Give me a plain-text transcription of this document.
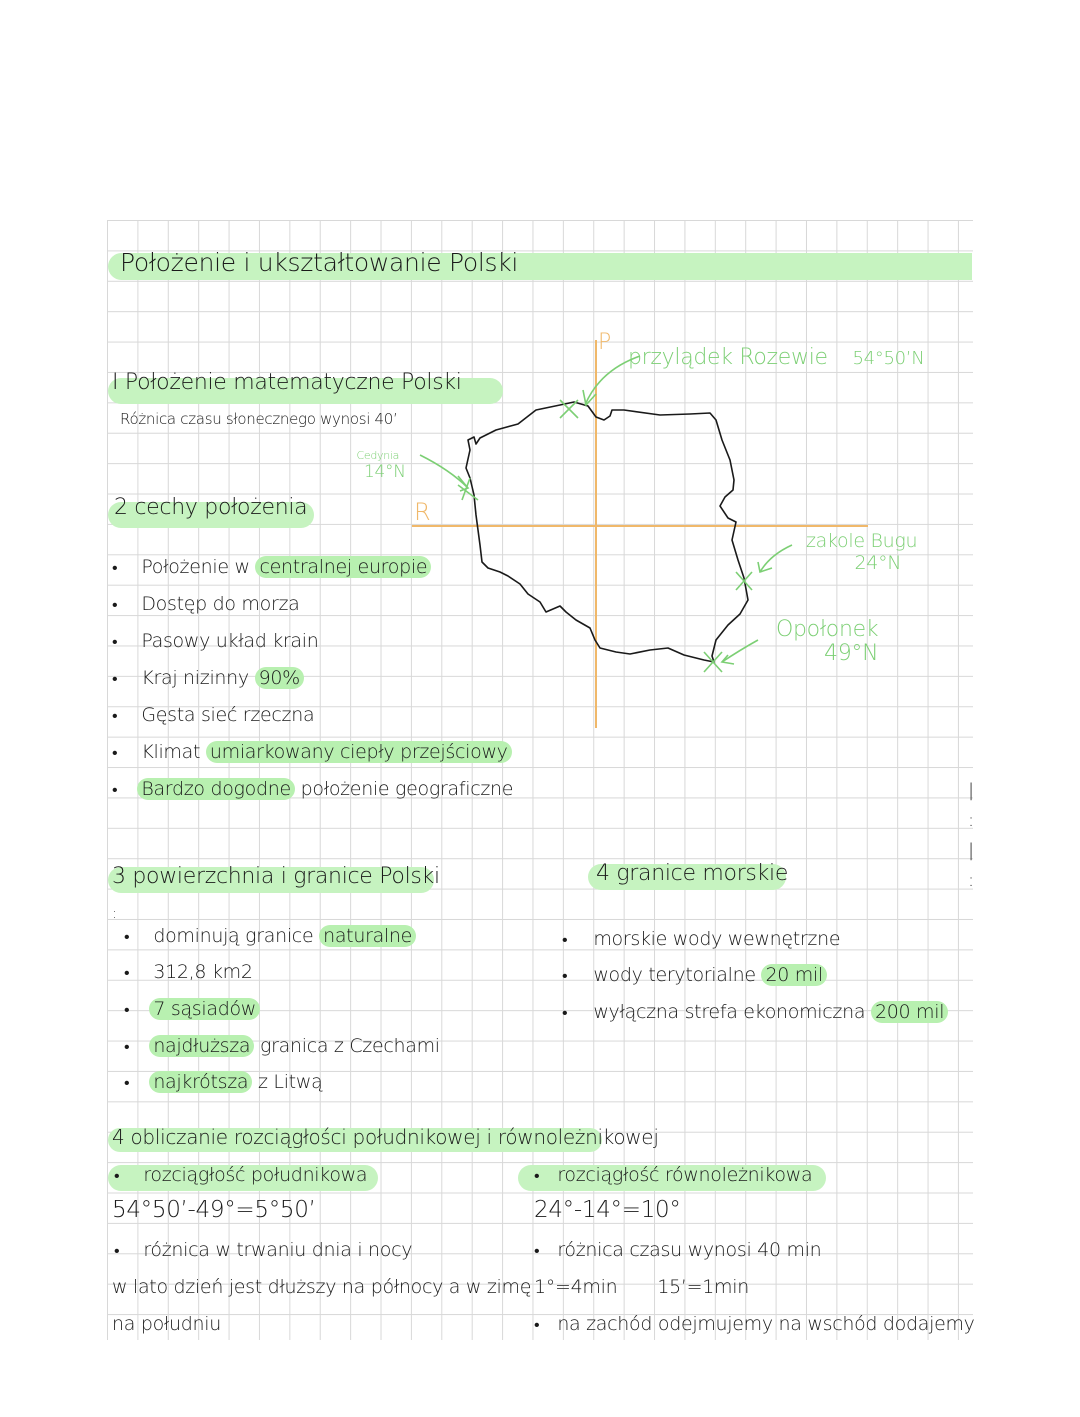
Położenie i ukształtowanie Polski
I Położenie matematyczne Polski
Różnica czasu słonecznego wynosi 40’
P
R
przylądek Rozewie 54°50’N
Cedynia
14°N
zakole Bugu
24°N
Opołonek
49°N
2 cechy położenia
• Położenie w centralnej europie
• Dostęp do morza
• Pasowy układ krain
• Kraj nizinny 90%
• Gęsta sieć rzeczna
• Klimat umiarkowany ciepły przejściowy
• Bardzo dogodne położenie geograficzne
3 powierzchnia i granice Polski
:
• dominują granice naturalne
• 312,8 km2
• 7 sąsiadów
• najdłuższa granica z Czechami
• najkrótsza z Litwą
4 granice morskie
• morskie wody wewnętrzne
• wody terytorialne 20 mil
• wyłączna strefa ekonomiczna 200 mil
|
:
|
:
4 obliczanie rozciągłości południkowej i równoleżnikowej
• rozciągłość południkowa
54°50’-49°=5°50’
• różnica w trwaniu dnia i nocy
w lato dzień jest dłuższy na północy a w zimę
na południu
• rozciągłość równoleżnikowa
24°-14°=10°
• różnica czasu wynosi 40 min
1°=4min 15’=1min
• na zachód odejmujemy na wschód dodajemy
